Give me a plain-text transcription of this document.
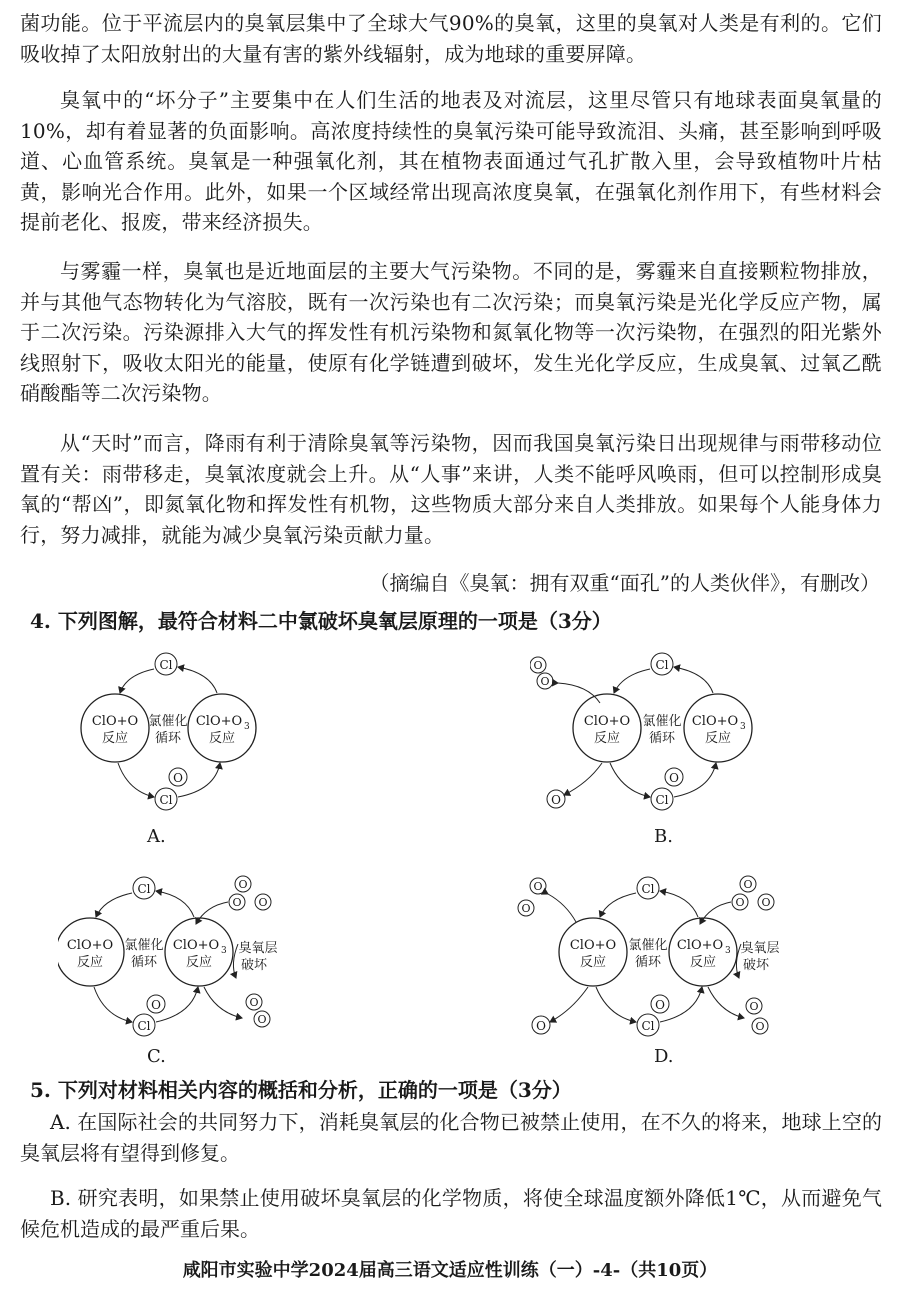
菌功能。位于平流层内的臭氧层集中了全球大气90%的臭氧，这里的臭氧对人类是有利的。它们吸收掉了太阳放射出的大量有害的紫外线辐射，成为地球的重要屏障。

臭氧中的“坏分子”主要集中在人们生活的地表及对流层，这里尽管只有地球表面臭氧量的10%，却有着显著的负面影响。高浓度持续性的臭氧污染可能导致流泪、头痛，甚至影响到呼吸道、心血管系统。臭氧是一种强氧化剂，其在植物表面通过气孔扩散入里，会导致植物叶片枯黄，影响光合作用。此外，如果一个区域经常出现高浓度臭氧，在强氧化剂作用下，有些材料会提前老化、报废，带来经济损失。

与雾霾一样，臭氧也是近地面层的主要大气污染物。不同的是，雾霾来自直接颗粒物排放，并与其他气态物转化为气溶胶，既有一次污染也有二次污染；而臭氧污染是光化学反应产物，属于二次污染。污染源排入大气的挥发性有机污染物和氮氧化物等一次污染物，在强烈的阳光紫外线照射下，吸收太阳光的能量，使原有化学链遭到破坏，发生光化学反应，生成臭氧、过氧乙酰硝酸酯等二次污染物。

从“天时”而言，降雨有利于清除臭氧等污染物，因而我国臭氧污染日出现规律与雨带移动位置有关：雨带移走，臭氧浓度就会上升。从“人事”来讲，人类不能呼风唤雨，但可以控制形成臭氧的“帮凶”，即氮氧化物和挥发性有机物，这些物质大部分来自人类排放。如果每个人能身体力行，努力减排，就能为减少臭氧污染贡献力量。

（摘编自《臭氧：拥有双重“面孔”的人类伙伴》，有删改）

4. 下列图解，最符合材料二中氯破坏臭氧层原理的一项是（3分）

Cl
ClO+O
反应
ClO+O 3
反应
氯催化
循环
Cl
O
A.
O
O
Cl
ClO+O
反应
ClO+O 3
反应
氯催化
循环
O	Cl
O
B.
Cl	O
O O
ClO+O
反应
ClO+O 3
反应
氯催化
循环
臭氧层
破坏
O
O
Cl
O
C.
O
O
Cl	O
O O
ClO+O
反应
ClO+O 3
反应
氯催化
循环
臭氧层
破坏
O
O
O
Cl
O
D.

5. 下列对材料相关内容的概括和分析，正确的一项是（3分）

A. 在国际社会的共同努力下，消耗臭氧层的化合物已被禁止使用，在不久的将来，地球上空的臭氧层将有望得到修复。

B. 研究表明，如果禁止使用破坏臭氧层的化学物质，将使全球温度额外降低1℃，从而避免气候危机造成的最严重后果。

咸阳市实验中学2024届高三语文适应性训练（一）-4-（共10页）
